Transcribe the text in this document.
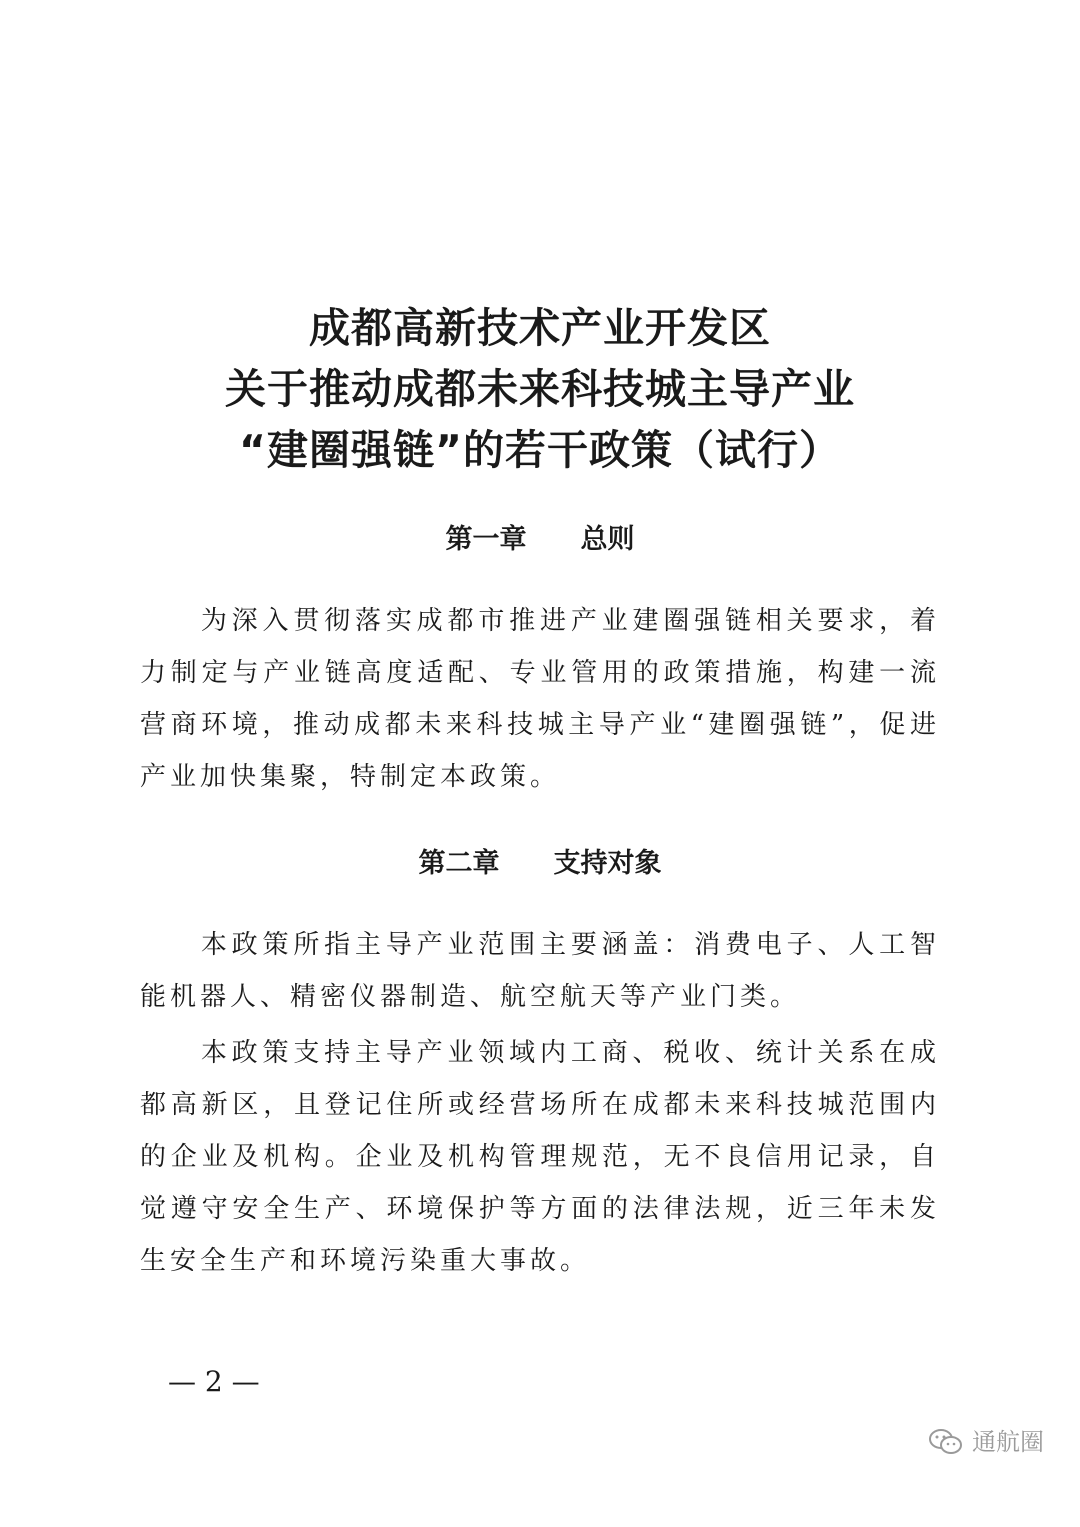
成都高新技术产业开发区
关于推动成都未来科技城主导产业
“建圈强链”的若干政策（试行）
第一章 总则

为深入贯彻落实成都市推进产业建圈强链相关要求，着力制定与产业链高度适配、专业管用的政策措施，构建一流营商环境，推动成都未来科技城主导产业“建圈强链”，促进产业加快集聚，特制定本政策。

第二章 支持对象

本政策所指主导产业范围主要涵盖：消费电子、人工智能机器人、精密仪器制造、航空航天等产业门类。

本政策支持主导产业领域内工商、税收、统计关系在成都高新区，且登记住所或经营场所在成都未来科技城范围内的企业及机构。企业及机构管理规范，无不良信用记录，自觉遵守安全生产、环境保护等方面的法律法规，近三年未发生安全生产和环境污染重大事故。

— 2 —
通航圈
